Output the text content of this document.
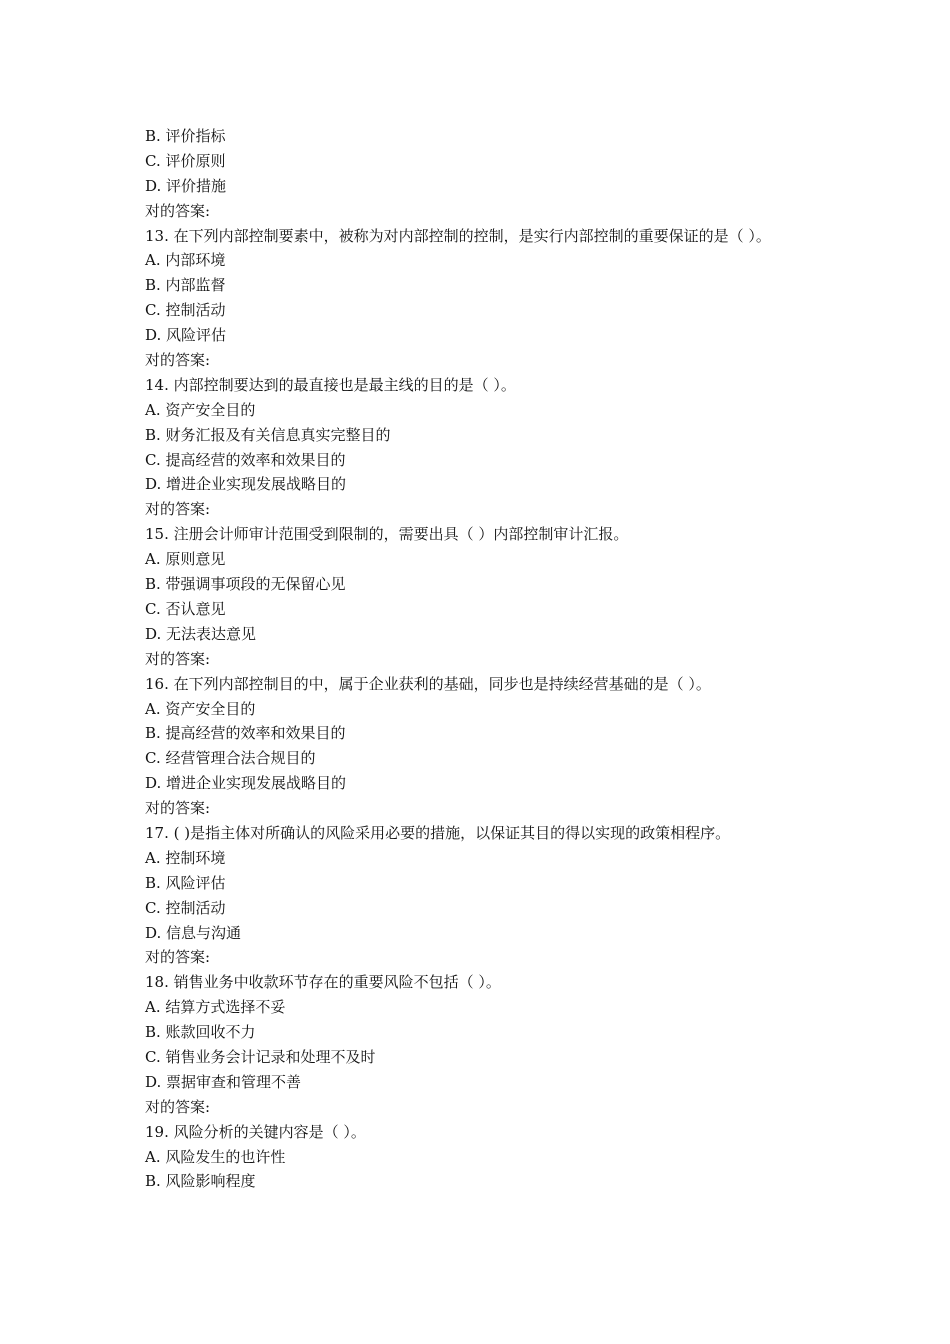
B. 评价指标
C. 评价原则
D. 评价措施
对的答案:
13. 在下列内部控制要素中，被称为对内部控制的控制，是实行内部控制的重要保证的是（ ）。
A. 内部环境
B. 内部监督
C. 控制活动
D. 风险评估
对的答案:
14. 内部控制要达到的最直接也是最主线的目的是（ ）。
A. 资产安全目的
B. 财务汇报及有关信息真实完整目的
C. 提高经营的效率和效果目的
D. 增进企业实现发展战略目的
对的答案:
15. 注册会计师审计范围受到限制的，需要出具（ ）内部控制审计汇报。
A. 原则意见
B. 带强调事项段的无保留心见
C. 否认意见
D. 无法表达意见
对的答案:
16. 在下列内部控制目的中，属于企业获利的基础，同步也是持续经营基础的是（ ）。
A. 资产安全目的
B. 提高经营的效率和效果目的
C. 经营管理合法合规目的
D. 增进企业实现发展战略目的
对的答案:
17. ( )是指主体对所确认的风险采用必要的措施，以保证其目的得以实现的政策相程序。
A. 控制环境
B. 风险评估
C. 控制活动
D. 信息与沟通
对的答案:
18. 销售业务中收款环节存在的重要风险不包括（ ）。
A. 结算方式选择不妥
B. 账款回收不力
C. 销售业务会计记录和处理不及时
D. 票据审查和管理不善
对的答案:
19. 风险分析的关键内容是（ ）。
A. 风险发生的也许性
B. 风险影响程度
